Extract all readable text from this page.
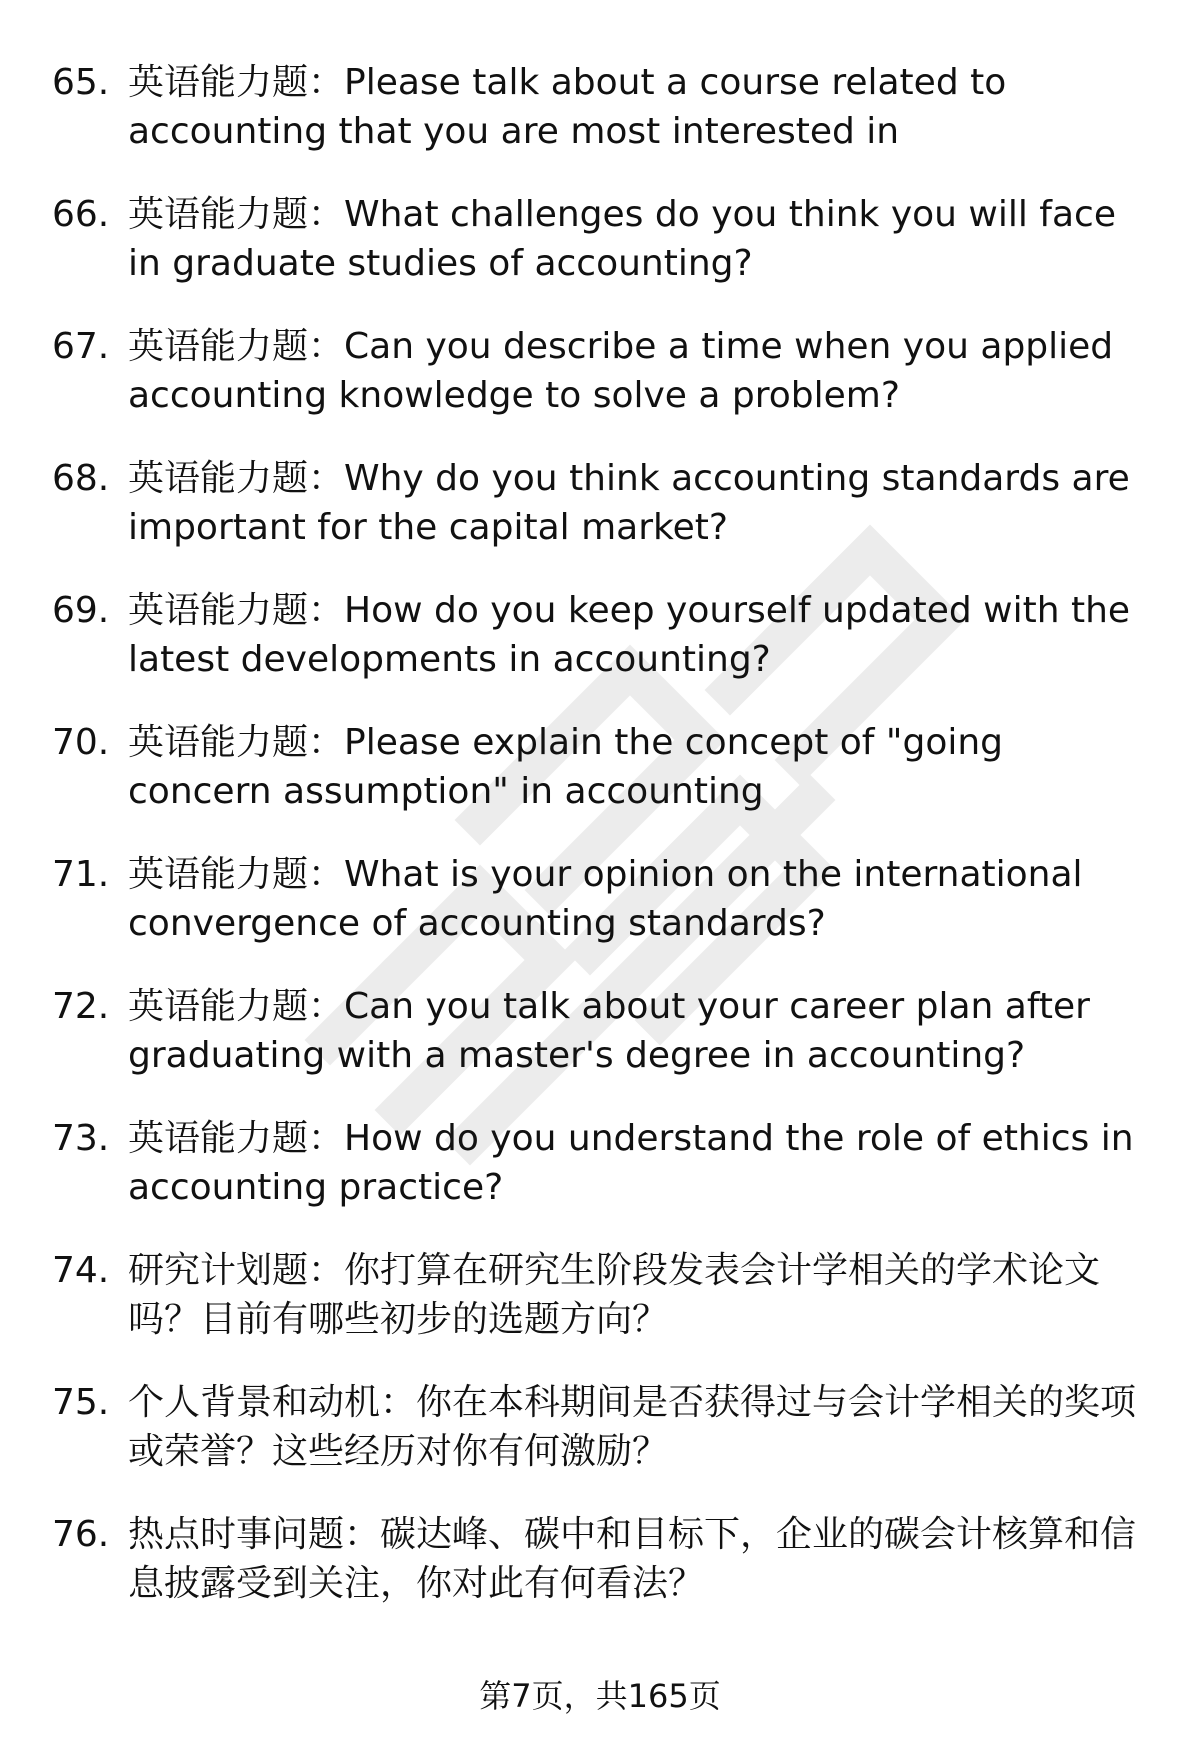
65. 英语能力题：Please talk about a course related to accounting that you are most interested in
66. 英语能力题：What challenges do you think you will face in graduate studies of accounting?
67. 英语能力题：Can you describe a time when you applied accounting knowledge to solve a problem?
68. 英语能力题：Why do you think accounting standards are important for the capital market?
69. 英语能力题：How do you keep yourself updated with the latest developments in accounting?
70. 英语能力题：Please explain the concept of "going concern assumption" in accounting
71. 英语能力题：What is your opinion on the international convergence of accounting standards?
72. 英语能力题：Can you talk about your career plan after graduating with a master's degree in accounting?
73. 英语能力题：How do you understand the role of ethics in accounting practice?
74. 研究计划题：你打算在研究生阶段发表会计学相关的学术论文吗？目前有哪些初步的选题方向？
75. 个人背景和动机：你在本科期间是否获得过与会计学相关的奖项或荣誉？这些经历对你有何激励？
76. 热点时事问题：碳达峰、碳中和目标下，企业的碳会计核算和信息披露受到关注，你对此有何看法？
第7页，共165页
